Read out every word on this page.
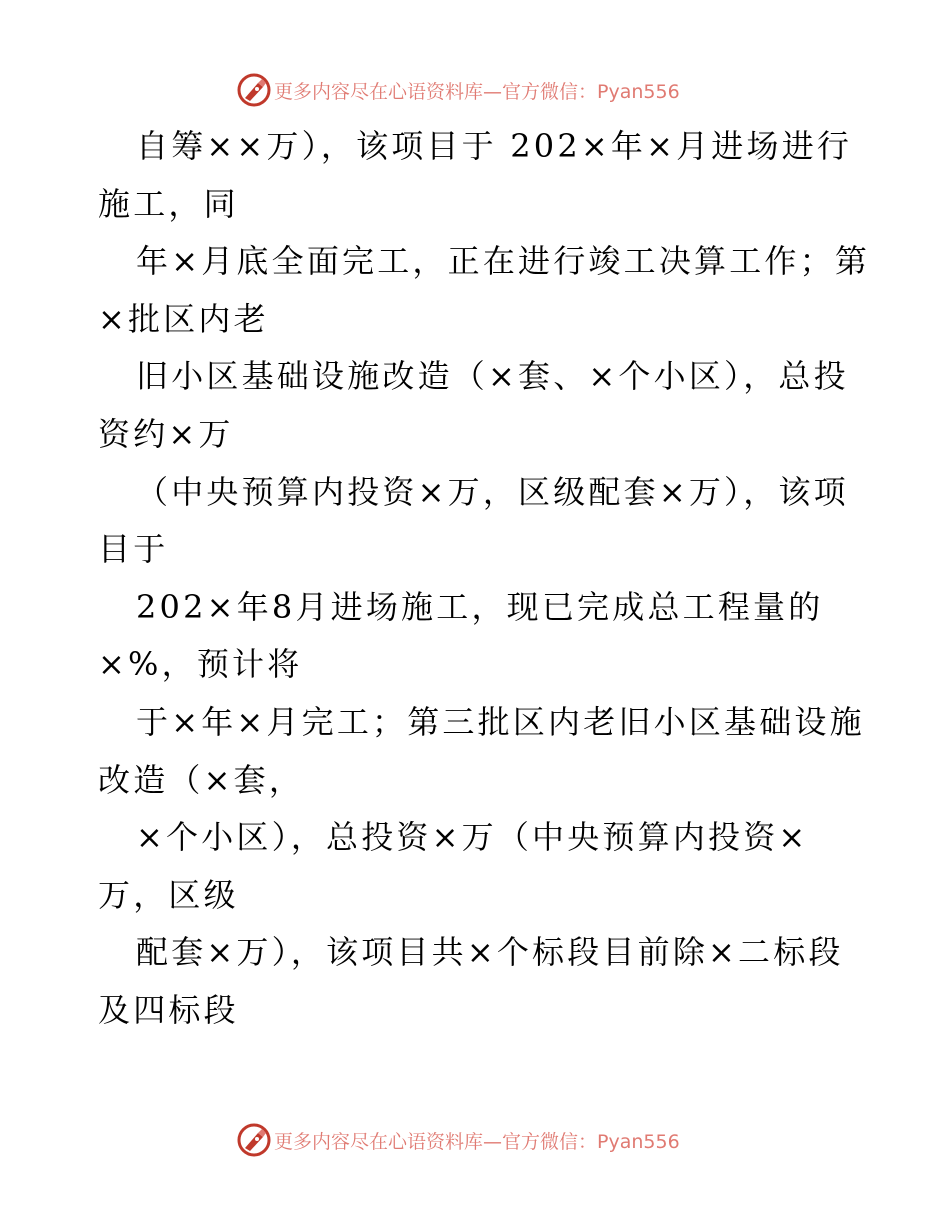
更多内容尽在心语资料库—官方微信：Pyan556
自筹××万），该项目于 202×年×月进场进行
施工，同
年×月底全面完工，正在进行竣工决算工作；第
×批区内老
旧小区基础设施改造（×套、×个小区），总投
资约×万
（中央预算内投资×万，区级配套×万），该项
目于
202×年8月进场施工，现已完成总工程量的
×%，预计将
于×年×月完工；第三批区内老旧小区基础设施
改造（×套，
×个小区），总投资×万（中央预算内投资×
万，区级
配套×万），该项目共×个标段目前除×二标段
及四标段
更多内容尽在心语资料库—官方微信：Pyan556
